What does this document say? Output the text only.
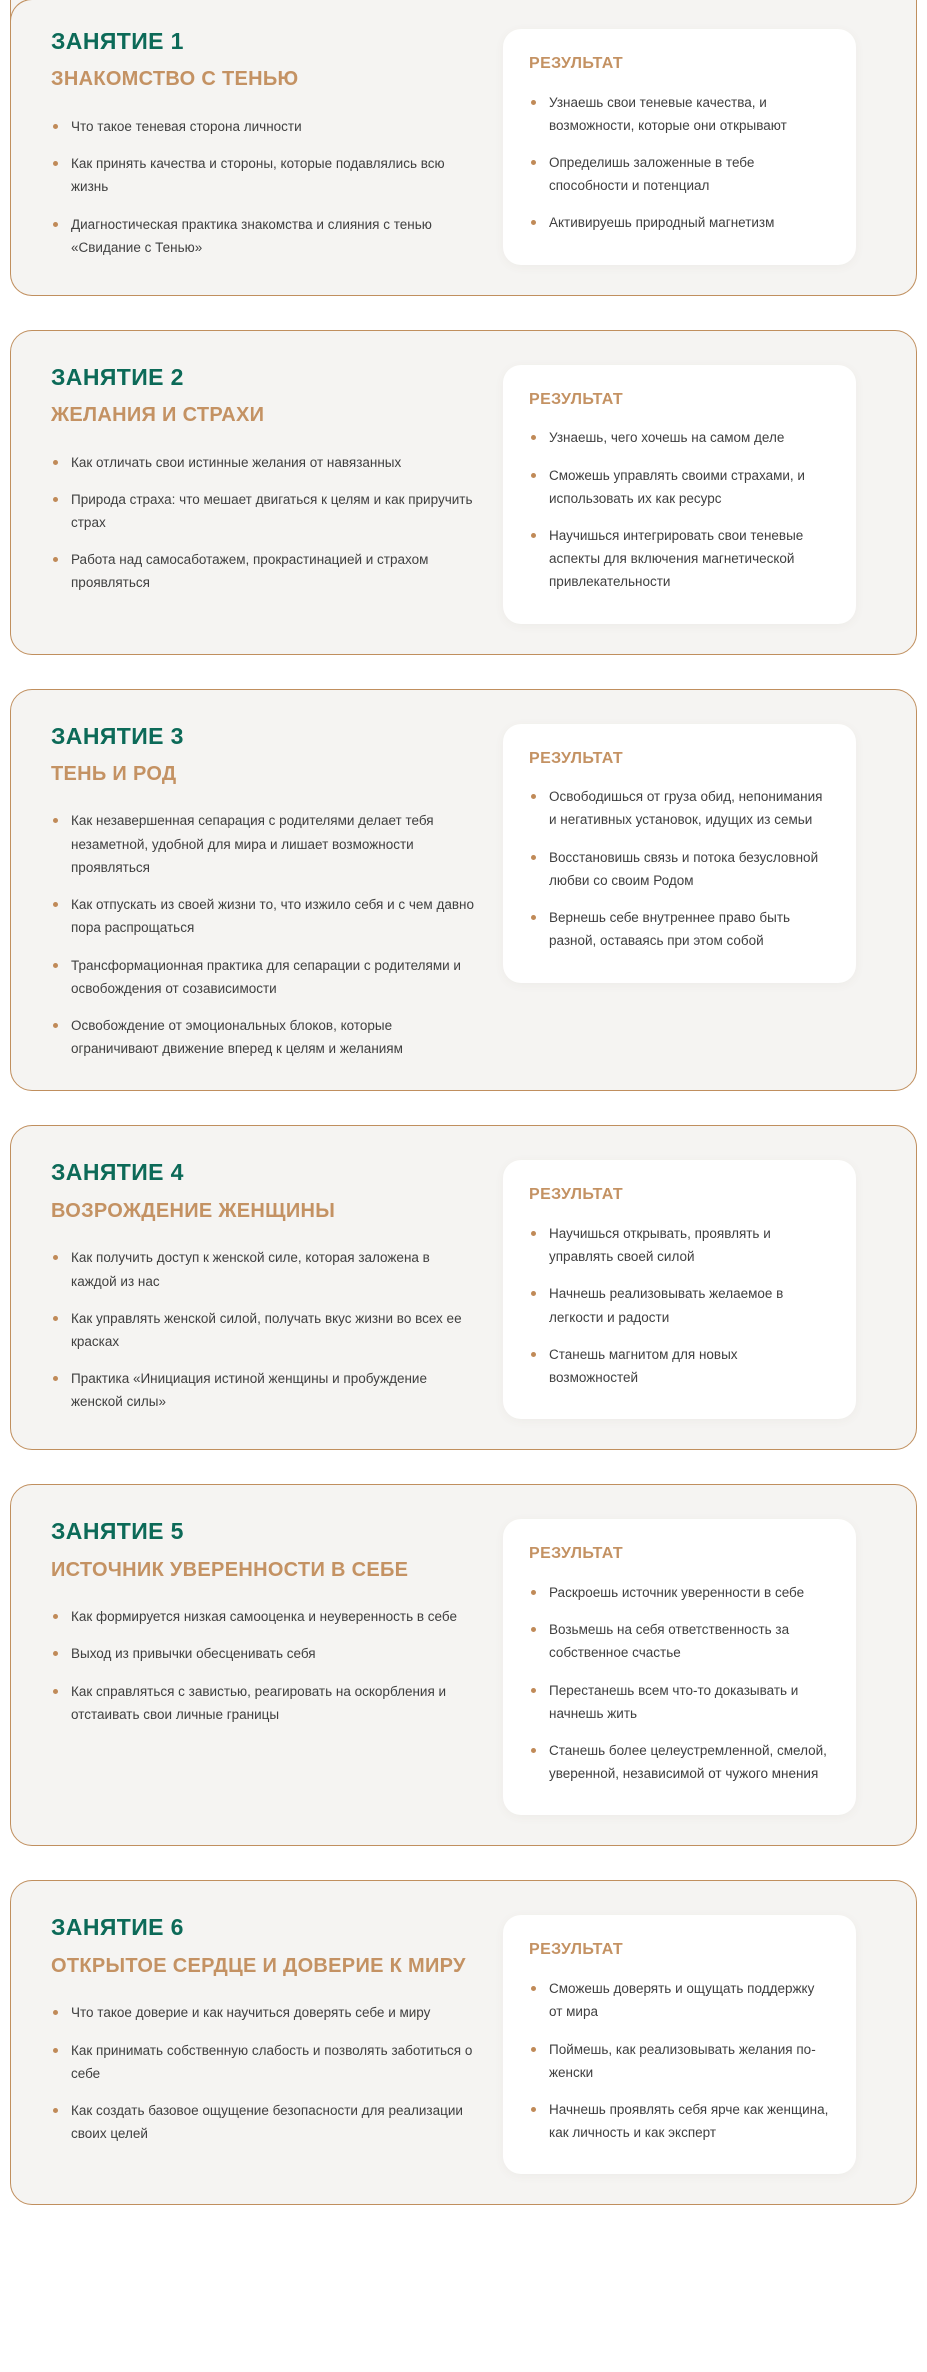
ЗАНЯТИЕ 1
ЗНАКОМСТВО С ТЕНЬЮ
Что такое теневая сторона личности
Как принять качества и стороны, которые подавлялись всю жизнь
Диагностическая практика знакомства и слияния с тенью «Свидание с Тенью»
РЕЗУЛЬТАТ
Узнаешь свои теневые качества, и возможности, которые они открывают
Определишь заложенные в тебе способности и потенциал
Активируешь природный магнетизм
ЗАНЯТИЕ 2
ЖЕЛАНИЯ И СТРАХИ
Как отличать свои истинные желания от навязанных
Природа страха: что мешает двигаться к целям и как приручить страх
Работа над самосаботажем, прокрастинацией и страхом проявляться
РЕЗУЛЬТАТ
Узнаешь, чего хочешь на самом деле
Сможешь управлять своими страхами, и использовать их как ресурс
Научишься интегрировать свои теневые аспекты для включения магнетической привлекательности
ЗАНЯТИЕ 3
ТЕНЬ И РОД
Как незавершенная сепарация с родителями делает тебя незаметной, удобной для мира и лишает возможности проявляться
Как отпускать из своей жизни то, что изжило себя и с чем давно пора распрощаться
Трансформационная практика для сепарации с родителями и освобождения от созависимости
Освобождение от эмоциональных блоков, которые ограничивают движение вперед к целям и желаниям
РЕЗУЛЬТАТ
Освободишься от груза обид, непонимания и негативных установок, идущих из семьи
Восстановишь связь и потока безусловной любви со своим Родом
Вернешь себе внутреннее право быть разной, оставаясь при этом собой
ЗАНЯТИЕ 4
ВОЗРОЖДЕНИЕ ЖЕНЩИНЫ
Как получить доступ к женской силе, которая заложена в каждой из нас
Как управлять женской силой, получать вкус жизни во всех ее красках
Практика «Инициация истиной женщины и пробуждение женской силы»
РЕЗУЛЬТАТ
Научишься открывать, проявлять и управлять своей силой
Начнешь реализовывать желаемое в легкости и радости
Станешь магнитом для новых возможностей
ЗАНЯТИЕ 5
ИСТОЧНИК УВЕРЕННОСТИ В СЕБЕ
Как формируется низкая самооценка и неуверенность в себе
Выход из привычки обесценивать себя
Как справляться с завистью, реагировать на оскорбления и отстаивать свои личные границы
РЕЗУЛЬТАТ
Раскроешь источник уверенности в себе
Возьмешь на себя ответственность за собственное счастье
Перестанешь всем что-то доказывать и начнешь жить
Станешь более целеустремленной, смелой, уверенной, независимой от чужого мнения
ЗАНЯТИЕ 6
ОТКРЫТОЕ СЕРДЦЕ И ДОВЕРИЕ К МИРУ
Что такое доверие и как научиться доверять себе и миру
Как принимать собственную слабость и позволять заботиться о себе
Как создать базовое ощущение безопасности для реализации своих целей
РЕЗУЛЬТАТ
Сможешь доверять и ощущать поддержку от мира
Поймешь, как реализовывать желания по-женски
Начнешь проявлять себя ярче как женщина, как личность и как эксперт
